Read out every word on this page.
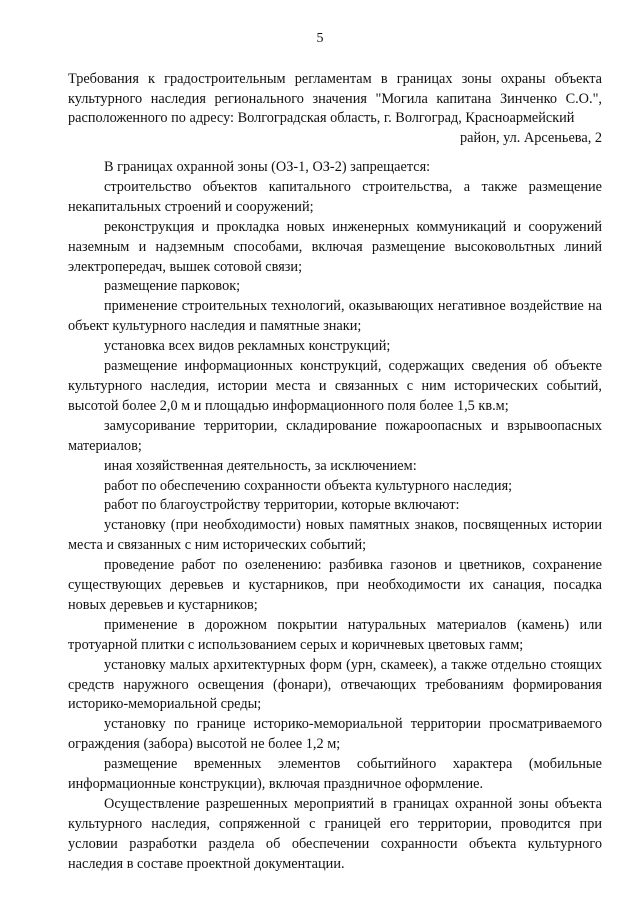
5

Требования к градостроительным регламентам в границах зоны охраны объекта культурного наследия регионального значения "Могила капитана Зинченко С.О.", расположенного по адресу: Волгоградская область, г. Волгоград, Красноармейский

район, ул. Арсеньева, 2

В границах охранной зоны (ОЗ-1, ОЗ-2) запрещается:

строительство объектов капитального строительства, а также размещение некапитальных строений и сооружений;

реконструкция и прокладка новых инженерных коммуникаций и сооружений наземным и надземным способами, включая размещение высоковольтных линий электропередач, вышек сотовой связи;

размещение парковок;

применение строительных технологий, оказывающих негативное воздействие на объект культурного наследия и памятные знаки;

установка всех видов рекламных конструкций;

размещение информационных конструкций, содержащих сведения об объекте культурного наследия, истории места и связанных с ним исторических событий, высотой более 2,0 м и площадью информационного поля более 1,5 кв.м;

замусоривание территории, складирование пожароопасных и взрывоопасных материалов;

иная хозяйственная деятельность, за исключением:

работ по обеспечению сохранности объекта культурного наследия;

работ по благоустройству территории, которые включают:

установку (при необходимости) новых памятных знаков, посвященных истории места и связанных с ним исторических событий;

проведение работ по озеленению: разбивка газонов и цветников, сохранение существующих деревьев и кустарников, при необходимости их санация, посадка новых деревьев и кустарников;

применение в дорожном покрытии натуральных материалов (камень) или тротуарной плитки с использованием серых и коричневых цветовых гамм;

установку малых архитектурных форм (урн, скамеек), а также отдельно стоящих средств наружного освещения (фонари), отвечающих требованиям формирования историко-мемориальной среды;

установку по границе историко-мемориальной территории просматриваемого ограждения (забора) высотой не более 1,2 м;

размещение временных элементов событийного характера (мобильные информационные конструкции), включая праздничное оформление.

Осуществление разрешенных мероприятий в границах охранной зоны объекта культурного наследия, сопряженной с границей его территории, проводится при условии разработки раздела об обеспечении сохранности объекта культурного наследия в составе проектной документации.
